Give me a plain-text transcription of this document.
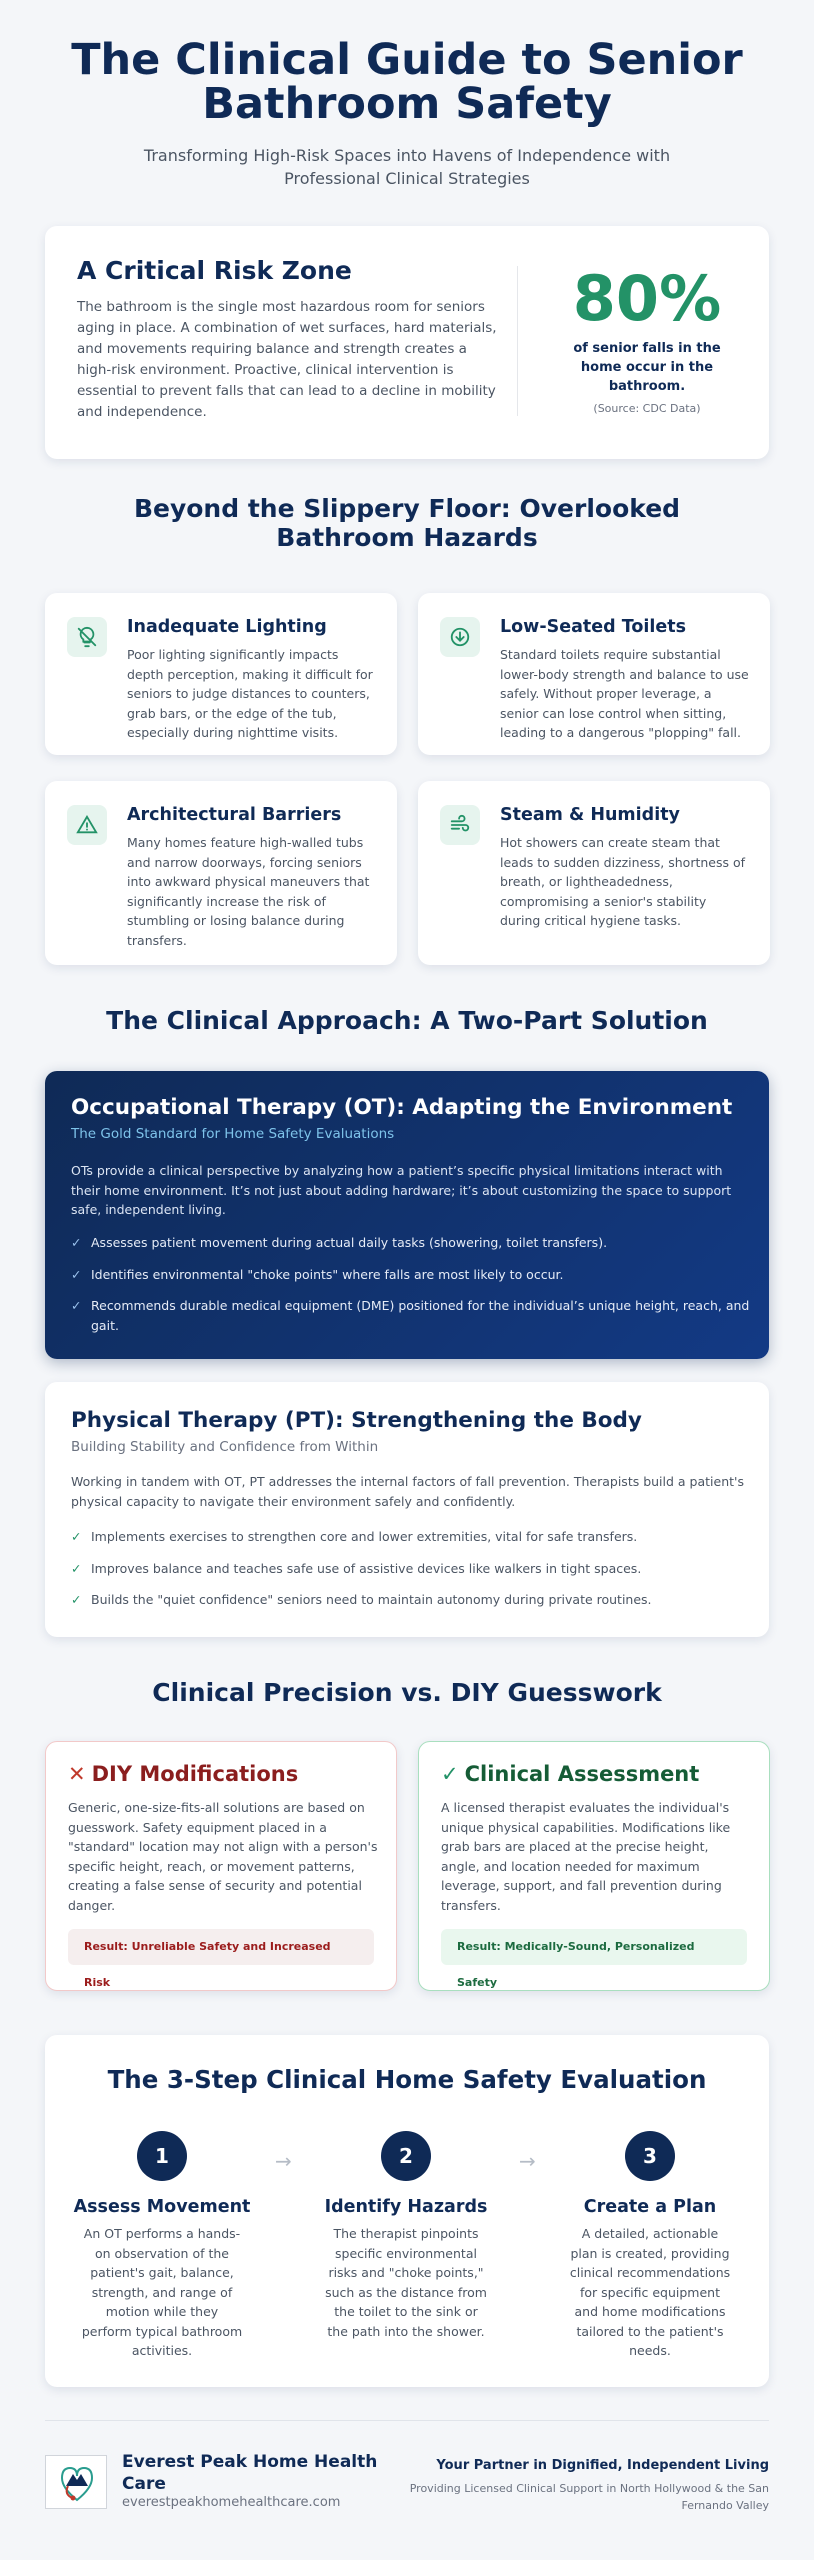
The Clinical Guide to Senior Bathroom Safety

Transforming High-Risk Spaces into Havens of Independence with Professional Clinical Strategies

A Critical Risk Zone

The bathroom is the single most hazardous room for seniors aging in place. A combination of wet surfaces, hard materials, and movements requiring balance and strength creates a high-risk environment. Proactive, clinical intervention is essential to prevent falls that can lead to a decline in mobility and independence.

80%
of senior falls in the home occur in the bathroom.
(Source: CDC Data)
Beyond the Slippery Floor: Overlooked Bathroom Hazards
Inadequate Lighting

Poor lighting significantly impacts depth perception, making it difficult for seniors to judge distances to counters, grab bars, or the edge of the tub, especially during nighttime visits.

Low-Seated Toilets

Standard toilets require substantial lower-body strength and balance to use safely. Without proper leverage, a senior can lose control when sitting, leading to a dangerous "plopping" fall.

Architectural Barriers

Many homes feature high-walled tubs and narrow doorways, forcing seniors into awkward physical maneuvers that significantly increase the risk of stumbling or losing balance during transfers.

Steam & Humidity

Hot showers can create steam that leads to sudden dizziness, shortness of breath, or lightheadedness, compromising a senior's stability during critical hygiene tasks.

The Clinical Approach: A Two-Part Solution
Occupational Therapy (OT): Adapting the Environment
The Gold Standard for Home Safety Evaluations

OTs provide a clinical perspective by analyzing how a patient’s specific physical limitations interact with their home environment. It’s not just about adding hardware; it’s about customizing the space to support safe, independent living.

✓ Assesses patient movement during actual daily tasks (showering, toilet transfers).
✓ Identifies environmental "choke points" where falls are most likely to occur.
✓ Recommends durable medical equipment (DME) positioned for the individual’s unique height, reach, and gait.
Physical Therapy (PT): Strengthening the Body
Building Stability and Confidence from Within

Working in tandem with OT, PT addresses the internal factors of fall prevention. Therapists build a patient's physical capacity to navigate their environment safely and confidently.

✓ Implements exercises to strengthen core and lower extremities, vital for safe transfers.
✓ Improves balance and teaches safe use of assistive devices like walkers in tight spaces.
✓ Builds the "quiet confidence" seniors need to maintain autonomy during private routines.
Clinical Precision vs. DIY Guesswork
✕ DIY Modifications

Generic, one-size-fits-all solutions are based on guesswork. Safety equipment placed in a "standard" location may not align with a person's specific height, reach, or movement patterns, creating a false sense of security and potential danger.

Result: Unreliable Safety and Increased Risk
✓ Clinical Assessment

A licensed therapist evaluates the individual's unique physical capabilities. Modifications like grab bars are placed at the precise height, angle, and location needed for maximum leverage, support, and fall prevention during transfers.

Result: Medically-Sound, Personalized Safety
The 3-Step Clinical Home Safety Evaluation
1
Assess Movement

An OT performs a hands-on observation of the patient's gait, balance, strength, and range of motion while they perform typical bathroom activities.

→	2
Identify Hazards

The therapist pinpoints specific environmental risks and "choke points," such as the distance from the toilet to the sink or the path into the shower.

→	3
Create a Plan

A detailed, actionable plan is created, providing clinical recommendations for specific equipment and home modifications tailored to the patient's needs.

Everest Peak Home Health Care
everestpeakhomehealthcare.com
Your Partner in Dignified, Independent Living
Providing Licensed Clinical Support in North Hollywood & the San Fernando Valley
